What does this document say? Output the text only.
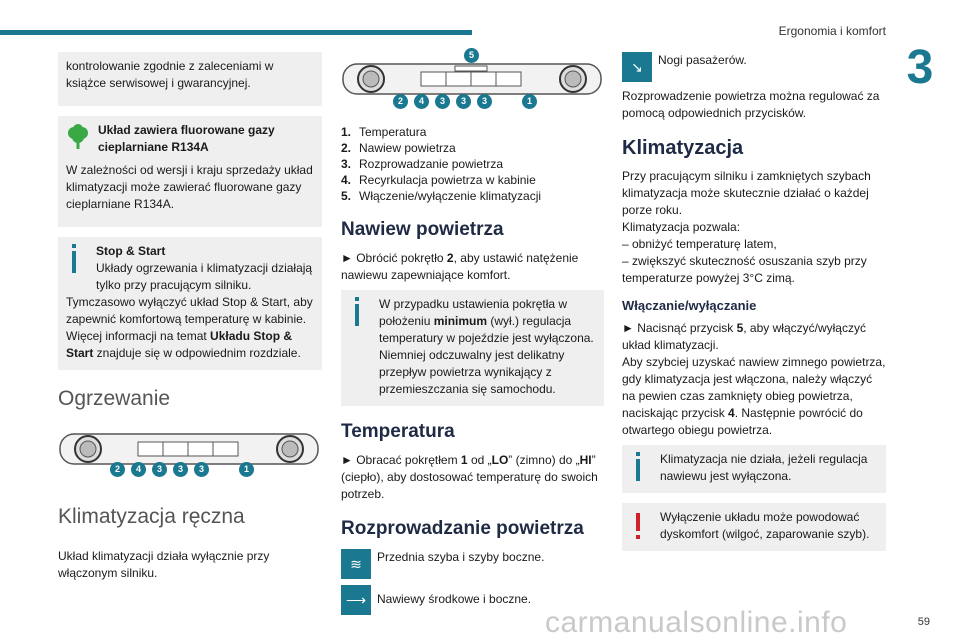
Ergonomia i komfort
3

kontrolowanie zgodnie z zaleceniami w książce serwisowej i gwarancyjnej.

Układ zawiera fluorowane gazy cieplarniane R134A

W zależności od wersji i kraju sprzedaży układ klimatyzacji może zawierać fluorowane gazy cieplarniane R134A.

Stop & Start

Układy ogrzewania i klimatyzacji działają tylko przy pracującym silniku.

Tymczasowo wyłączyć układ Stop & Start, aby zapewnić komfortową temperaturę w kabinie.

Więcej informacji na temat Układu Stop & Start znajduje się w odpowiednim rozdziale.

Ogrzewanie
2	4	3	3	3	1
Klimatyzacja ręczna

Układ klimatyzacji działa wyłącznie przy włączonym silniku.

5
2	4	3	3	3	1
1. Temperatura
2. Nawiew powietrza
3. Rozprowadzanie powietrza
4. Recyrkulacja powietrza w kabinie
5. Włączenie/wyłączenie klimatyzacji
Nawiew powietrza

► Obrócić pokrętło 2, aby ustawić natężenie nawiewu zapewniające komfort.

W przypadku ustawienia pokrętła w położeniu minimum (wył.) regulacja temperatury w pojeździe jest wyłączona. Niemniej odczuwalny jest delikatny przepływ powietrza wynikający z przemieszczania się samochodu.

Temperatura

► Obracać pokrętłem 1 od „LO” (zimno) do „HI” (ciepło), aby dostosować temperaturę do swoich potrzeb.

Rozprowadzanie powietrza
≋	Przednia szyba i szyby boczne.
⟶ Nawiewy środkowe i boczne.
↘	Nogi pasażerów.

Rozprowadzenie powietrza można regulować za pomocą odpowiednich przycisków.

Klimatyzacja

Przy pracującym silniku i zamkniętych szybach klimatyzacja może skutecznie działać o każdej porze roku.

Klimatyzacja pozwala:

– obniżyć temperaturę latem,

– zwiększyć skuteczność osuszania szyb przy temperaturze powyżej 3°C zimą.

Włączanie/wyłączanie

► Nacisnąć przycisk 5, aby włączyć/wyłączyć układ klimatyzacji.

Aby szybciej uzyskać nawiew zimnego powietrza, gdy klimatyzacja jest włączona, należy włączyć na pewien czas zamknięty obieg powietrza, naciskając przycisk 4. Następnie powrócić do otwartego obiegu powietrza.

Klimatyzacja nie działa, jeżeli regulacja nawiewu jest wyłączona.

Wyłączenie układu może powodować dyskomfort (wilgoć, zaparowanie szyb).

carmanualsonline.info	59
